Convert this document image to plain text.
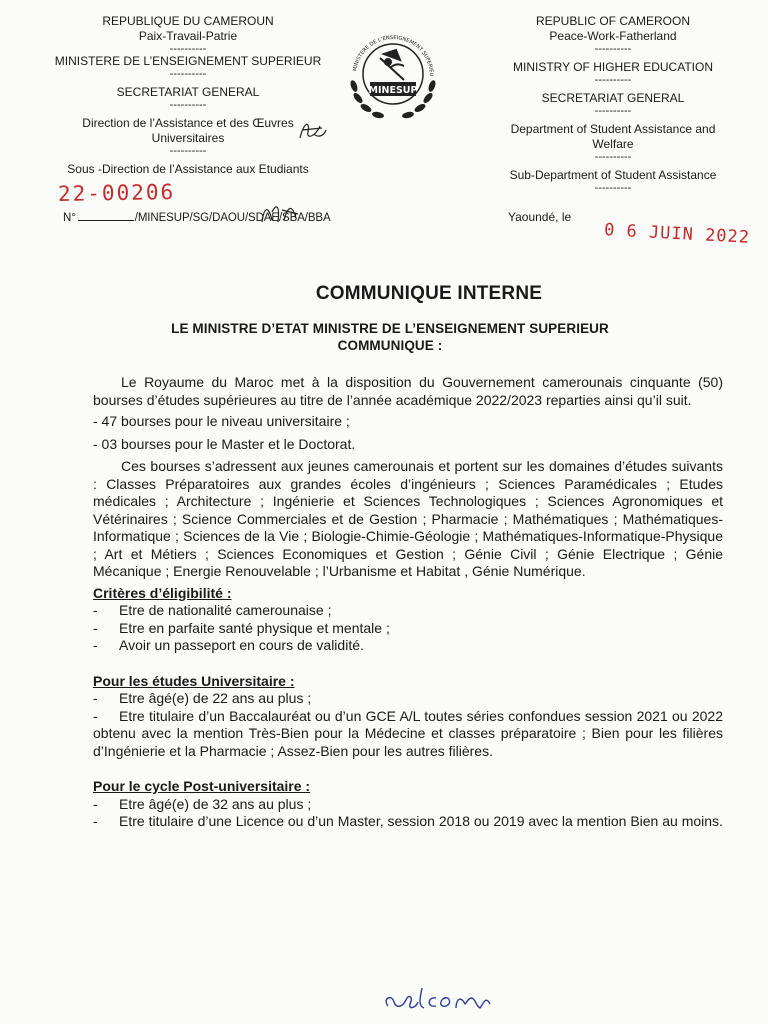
REPUBLIQUE DU CAMEROUN
Paix-Travail-Patrie
----------
MINISTERE DE L’ENSEIGNEMENT SUPERIEUR
----------
SECRETARIAT GENERAL
----------
Direction de l’Assistance et des Œuvres
Universitaires
----------
Sous -Direction de l’Assistance aux Etudiants
MINISTERE DE L’ENSEIGNEMENT SUPERIEU
MINESUP
REPUBLIC OF CAMEROON
Peace-Work-Fatherland
----------
MINISTRY OF HIGHER EDUCATION
----------
SECRETARIAT GENERAL
----------
Department of Student Assistance and
Welfare
----------
Sub-Department of Student Assistance
----------
22-00206
N°	/MINESUP/SG/DAOU/SDAE/SBA/BBA	Yaoundé, le
0 6 JUIN 2022
COMMUNIQUE INTERNE
LE MINISTRE D’ETAT MINISTRE DE L’ENSEIGNEMENT SUPERIEUR
COMMUNIQUE :

Le Royaume du Maroc met à la disposition du Gouvernement camerounais cinquante (50) bourses d’études supérieures au titre de l’année académique 2022/2023 reparties ainsi qu’il suit.

- 47 bourses pour le niveau universitaire ;

- 03 bourses pour le Master et le Doctorat.

Ces bourses s’adressent aux jeunes camerounais et portent sur les domaines d’études suivants : Classes Préparatoires aux grandes écoles d’ingénieurs ; Sciences Paramédicales ; Etudes médicales ; Architecture ; Ingénierie et Sciences Technologiques ; Sciences Agronomiques et Vétérinaires ; Science Commerciales et de Gestion ; Pharmacie ; Mathématiques ; Mathématiques-Informatique ; Sciences de la Vie ; Biologie-Chimie-Géologie ; Mathématiques-Informatique-Physique ; Art et Métiers ; Sciences Economiques et Gestion ; Génie Civil ; Génie Electrique ; Génie Mécanique ; Energie Renouvelable ; l’Urbanisme et Habitat , Génie Numérique.

Critères d’éligibilité :

- Etre de nationalité camerounaise ;
- Etre en parfaite santé physique et mentale ;
- Avoir un passeport en cours de validité.

Pour les études Universitaire :

- Etre âgé(e) de 22 ans au plus ;
- Etre titulaire d’un Baccalauréat ou d’un GCE A/L toutes séries confondues session 2021 ou 2022 obtenu avec la mention Très-Bien pour la Médecine et classes préparatoire ; Bien pour les filières d’Ingénierie et la Pharmacie ; Assez-Bien pour les autres filières.

Pour le cycle Post-universitaire :

- Etre âgé(e) de 32 ans au plus ;
- Etre titulaire d’une Licence ou d’un Master, session 2018 ou 2019 avec la mention Bien au moins.
